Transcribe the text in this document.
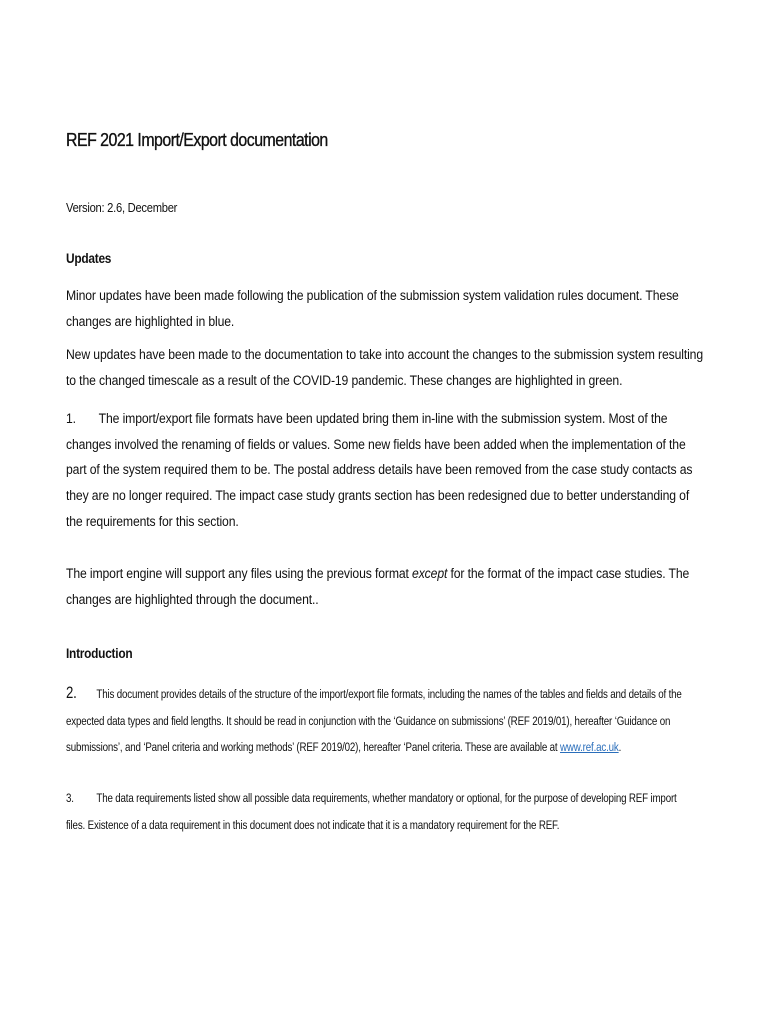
REF 2021 Import/Export documentation
Version: 2.6, December
Updates
Minor updates have been made following the publication of the submission system validation rules document. These changes are highlighted in blue.
New updates have been made to the documentation to take into account the changes to the submission system resulting to the changed timescale as a result of the COVID-19 pandemic. These changes are highlighted in green.
1. The import/export file formats have been updated bring them in-line with the submission system. Most of the changes involved the renaming of fields or values. Some new fields have been added when the implementation of the part of the system required them to be. The postal address details have been removed from the case study contacts as they are no longer required. The impact case study grants section has been redesigned due to better understanding of the requirements for this section.
The import engine will support any files using the previous format except for the format of the impact case studies. The changes are highlighted through the document..
Introduction
2. This document provides details of the structure of the import/export file formats, including the names of the tables and fields and details of the expected data types and field lengths. It should be read in conjunction with the ‘Guidance on submissions’ (REF 2019/01), hereafter ‘Guidance on submissions’, and ‘Panel criteria and working methods’ (REF 2019/02), hereafter ‘Panel criteria. These are available at www.ref.ac.uk.
3. The data requirements listed show all possible data requirements, whether mandatory or optional, for the purpose of developing REF import files. Existence of a data requirement in this document does not indicate that it is a mandatory requirement for the REF.
